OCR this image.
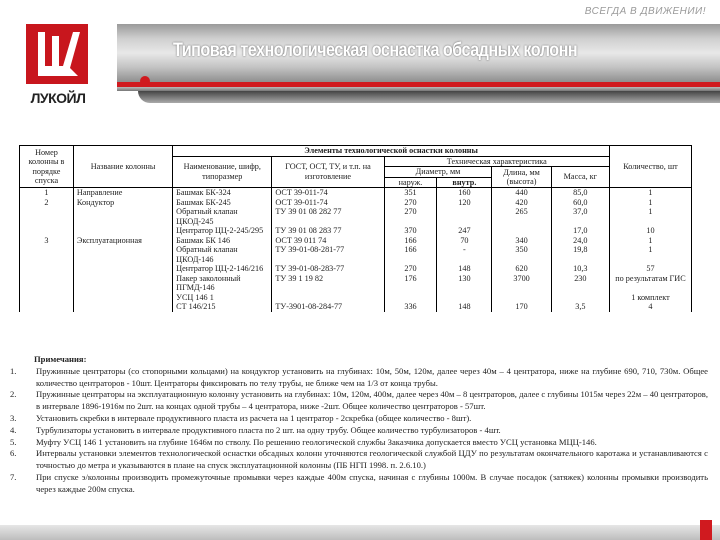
ВСЕГДА В ДВИЖЕНИИ!
ЛУКОЙЛ
Типовая технологическая оснастка обсадных колонн
Номер колонны в порядке спуска	Название колонны	Элементы технологической оснастки колонны						Количество, шт
		Наименование, шифр, типоразмер	ГОСТ, ОСТ, ТУ, и т.п. на изготовление	Техническая характеристика				
				Диаметр, мм		Длина, мм (высота)	Масса, кг	
				наруж.	внутр.			
1	Направление	Башмак БК-324	ОСТ 39-011-74	351	160	440	85,0	1
2	Кондуктор	Башмак БК-245	ОСТ 39-011-74	270	120	420	60,0	1
		Обратный клапан ЦКОД-245	ТУ 39 01 08 282 77	270		265	37,0	1
		Центратор ЦЦ-2-245/295	ТУ 39 01 08 283 77	370	247		17,0	10
3	Эксплуатационная	Башмак БК 146	ОСТ 39 011 74	166	70	340	24,0	1
		Обратный клапан ЦКОД-146	ТУ 39-01-08-281-77	166	-	350	19,8	1
		Центратор ЦЦ-2-146/216	ТУ 39-01-08-283-77	270	148	620	10,3	57
		Пакер заколонный ПГМД-146	ТУ 39 1 19 82	176	130	3700	230	по результатам ГИС
		УСЦ 146 1						1 комплект
		СТ 146/215	ТУ-3901-08-284-77	336	148	170	3,5	4
Примечания:
1.	Пружинные центраторы (со стопорными кольцами) на кондуктор установить на глубинах: 10м, 50м, 120м, далее через 40м – 4 центратора, ниже на глубине 690, 710, 730м. Общее количество центраторов - 10шт. Центраторы фиксировать по телу трубы, не ближе чем на 1/3 от конца трубы.
2.	Пружинные центраторы на эксплуатационную колонну установить на глубинах: 10м, 120м, 400м, далее через 40м – 8 центраторов, далее с глубины 1015м через 22м – 40 центраторов, в интервале 1896-1916м по 2шт. на концах одной трубы – 4 центратора, ниже -2шт. Общее количество центраторов - 57шт.
3.	Установить скребки в интервале продуктивного пласта из расчета на 1 центратор - 2скребка (общее количество - 8шт).
4.	Турбулизаторы установить в интервале продуктивного пласта по 2 шт. на одну трубу. Общее количество турбулизаторов - 4шт.
5.	Муфту УСЦ 146 1 установить на глубине 1646м по стволу. По решению геологической службы Заказчика допускается вместо УСЦ установка МЦЦ-146.
6.	Интервалы установки элементов технологической оснастки обсадных колонн уточняются геологической службой ЦДУ по результатам окончательного каротажа и устанавливаются с точностью до метра и указываются в плане на спуск эксплуатационной колонны (ПБ НГП 1998. п. 2.6.10.)
7.	При спуске э/колонны производить промежуточные промывки через каждые 400м спуска, начиная с глубины 1000м. В случае посадок (затяжек) колонны промывки производить через каждые 200м спуска.
